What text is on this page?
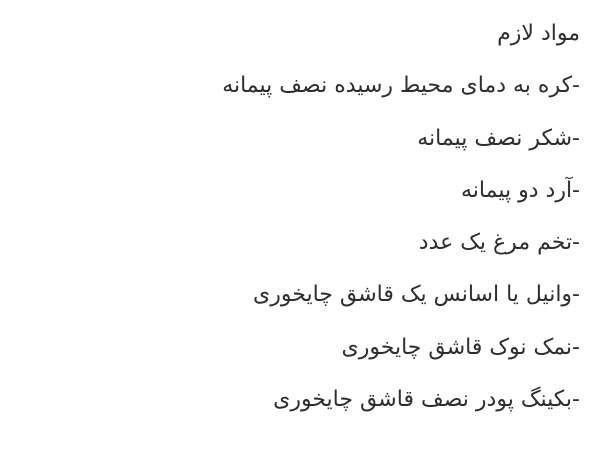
مواد لازم

-کره به دمای محیط رسیده نصف پیمانه

-شکر نصف پیمانه

-آرد دو پیمانه

-تخم مرغ یک عدد

-وانیل یا اسانس یک قاشق چایخوری

-نمک نوک قاشق چایخوری

-بکینگ پودر نصف قاشق چایخوری
